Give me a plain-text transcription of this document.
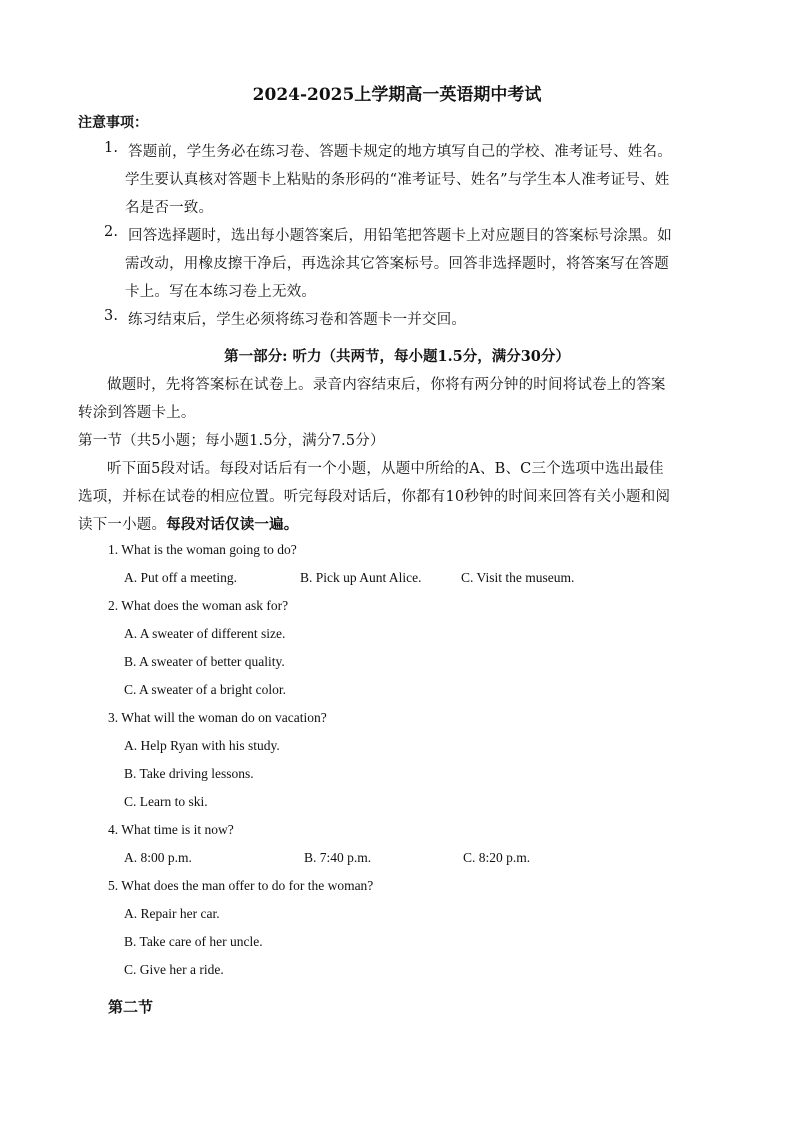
2024-2025上学期高一英语期中考试
注意事项：
1. 答题前，学生务必在练习卷、答题卡规定的地方填写自己的学校、准考证号、姓名。
学生要认真核对答题卡上粘贴的条形码的“准考证号、姓名”与学生本人准考证号、姓
名是否一致。
2. 回答选择题时，选出每小题答案后，用铅笔把答题卡上对应题目的答案标号涂黑。如
需改动，用橡皮擦干净后，再选涂其它答案标号。回答非选择题时，将答案写在答题
卡上。写在本练习卷上无效。
3. 练习结束后，学生必须将练习卷和答题卡一并交回。
第一部分: 听力（共两节，每小题1.5分，满分30分）
做题时，先将答案标在试卷上。录音内容结束后，你将有两分钟的时间将试卷上的答案
转涂到答题卡上。
第一节（共5小题；每小题1.5分，满分7.5分）
听下面5段对话。每段对话后有一个小题，从题中所给的A、B、C三个选项中选出最佳
选项，并标在试卷的相应位置。听完每段对话后，你都有10秒钟的时间来回答有关小题和阅
读下一小题。每段对话仅读一遍。
1. What is the woman going to do?
A. Put off a meeting.	B. Pick up Aunt Alice.	C. Visit the museum.
2. What does the woman ask for?
A. A sweater of different size.
B. A sweater of better quality.
C. A sweater of a bright color.
3. What will the woman do on vacation?
A. Help Ryan with his study.
B. Take driving lessons.
C. Learn to ski.
4. What time is it now?
A. 8:00 p.m.	B. 7:40 p.m.	C. 8:20 p.m.
5. What does the man offer to do for the woman?
A. Repair her car.
B. Take care of her uncle.
C. Give her a ride.
第二节
